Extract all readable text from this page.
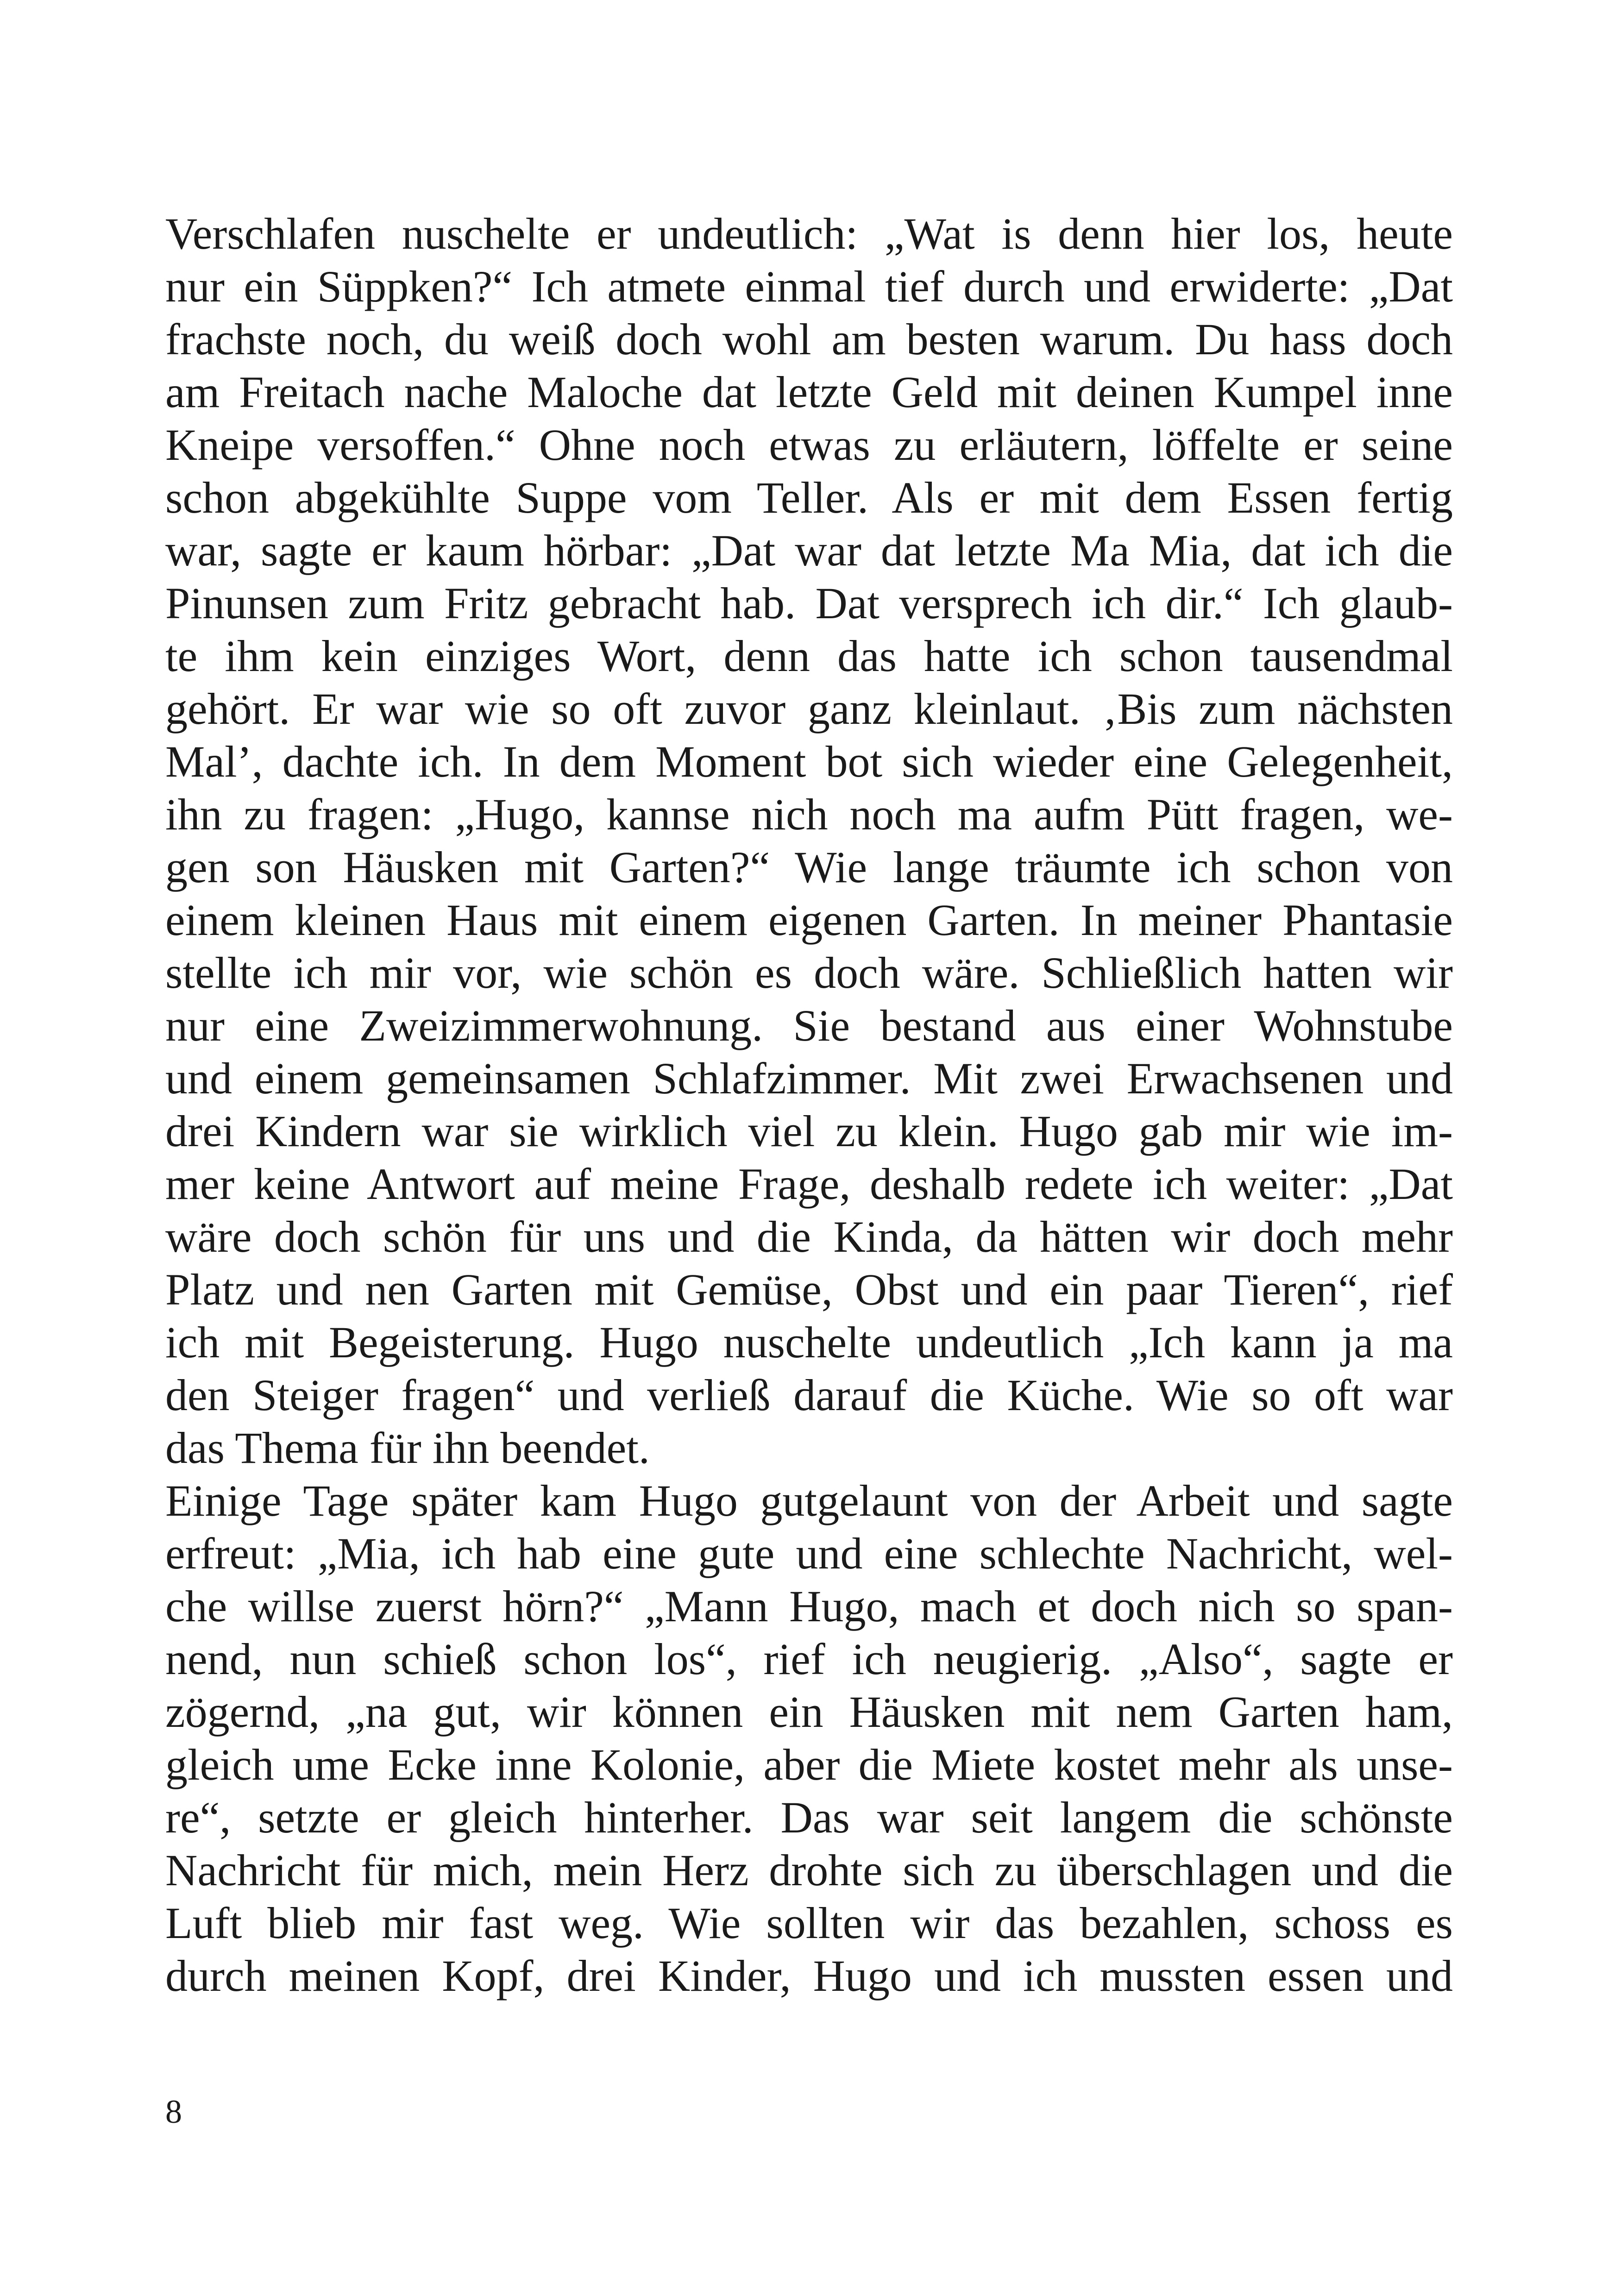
Verschlafen nuschelte er undeutlich: „Wat is denn hier los, heute
nur ein Süppken?“ Ich atmete einmal tief durch und erwiderte: „Dat
frachste noch, du weiß doch wohl am besten warum. Du hass doch
am Freitach nache Maloche dat letzte Geld mit deinen Kumpel inne
Kneipe versoffen.“ Ohne noch etwas zu erläutern, löffelte er seine
schon abgekühlte Suppe vom Teller. Als er mit dem Essen fertig
war, sagte er kaum hörbar: „Dat war dat letzte Ma Mia, dat ich die
Pinunsen zum Fritz gebracht hab. Dat versprech ich dir.“ Ich glaub-
te ihm kein einziges Wort, denn das hatte ich schon tausendmal
gehört. Er war wie so oft zuvor ganz kleinlaut. ‚Bis zum nächsten
Mal’, dachte ich. In dem Moment bot sich wieder eine Gelegenheit,
ihn zu fragen: „Hugo, kannse nich noch ma aufm Pütt fragen, we-
gen son Häusken mit Garten?“ Wie lange träumte ich schon von
einem kleinen Haus mit einem eigenen Garten. In meiner Phantasie
stellte ich mir vor, wie schön es doch wäre. Schließlich hatten wir
nur eine Zweizimmerwohnung. Sie bestand aus einer Wohnstube
und einem gemeinsamen Schlafzimmer. Mit zwei Erwachsenen und
drei Kindern war sie wirklich viel zu klein. Hugo gab mir wie im-
mer keine Antwort auf meine Frage, deshalb redete ich weiter: „Dat
wäre doch schön für uns und die Kinda, da hätten wir doch mehr
Platz und nen Garten mit Gemüse, Obst und ein paar Tieren“, rief
ich mit Begeisterung. Hugo nuschelte undeutlich „Ich kann ja ma
den Steiger fragen“ und verließ darauf die Küche. Wie so oft war
das Thema für ihn beendet.
Einige Tage später kam Hugo gutgelaunt von der Arbeit und sagte
erfreut: „Mia, ich hab eine gute und eine schlechte Nachricht, wel-
che willse zuerst hörn?“ „Mann Hugo, mach et doch nich so span-
nend, nun schieß schon los“, rief ich neugierig. „Also“, sagte er
zögernd, „na gut, wir können ein Häusken mit nem Garten ham,
gleich ume Ecke inne Kolonie, aber die Miete kostet mehr als unse-
re“, setzte er gleich hinterher. Das war seit langem die schönste
Nachricht für mich, mein Herz drohte sich zu überschlagen und die
Luft blieb mir fast weg. Wie sollten wir das bezahlen, schoss es
durch meinen Kopf, drei Kinder, Hugo und ich mussten essen und
8
